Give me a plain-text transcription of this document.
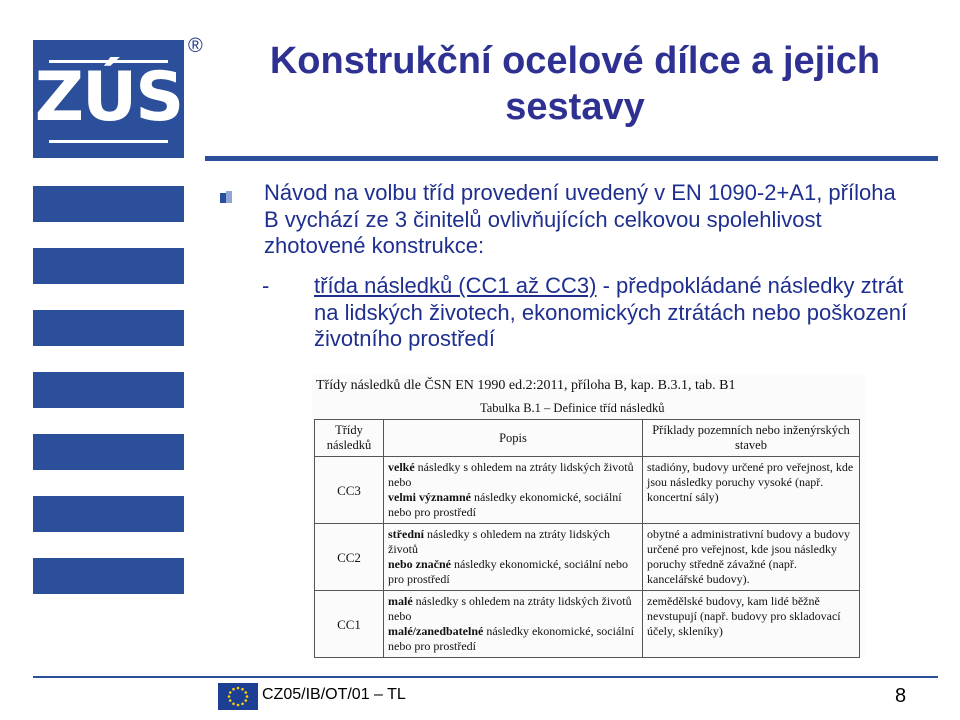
ZÚS
®	Konstrukční ocelové dílce a jejich sestavy
Návod na volbu tříd provedení uvedený v EN 1090-2+A1, příloha B vychází ze 3 činitelů ovlivňujících celkovou spolehlivost zhotovené konstrukce:
- třída následků (CC1 až CC3) - předpokládané následky ztrát na lidských životech, ekonomických ztrátách nebo poškození životního prostředí
Třídy následků dle ČSN EN 1990 ed.2:2011, příloha B, kap. B.3.1, tab. B1
Tabulka B.1 – Definice tříd následků
Třídy následků	Popis	Příklady pozemních nebo inženýrských staveb
CC3	velké následky s ohledem na ztráty lidských životů nebo
velmi významné následky ekonomické, sociální nebo pro prostředí	stadióny, budovy určené pro veřejnost, kde jsou následky poruchy vysoké (např. koncertní sály)
CC2	střední následky s ohledem na ztráty lidských životů
nebo značné následky ekonomické, sociální nebo pro prostředí	obytné a administrativní budovy a budovy určené pro veřejnost, kde jsou následky poruchy středně závažné (např. kancelářské budovy).
CC1	malé následky s ohledem na ztráty lidských životů nebo
malé/zanedbatelné následky ekonomické, sociální nebo pro prostředí	zemědělské budovy, kam lidé běžně nevstupují (např. budovy pro skladovací účely, skleníky)
CZ05/IB/OT/01 – TL	8
